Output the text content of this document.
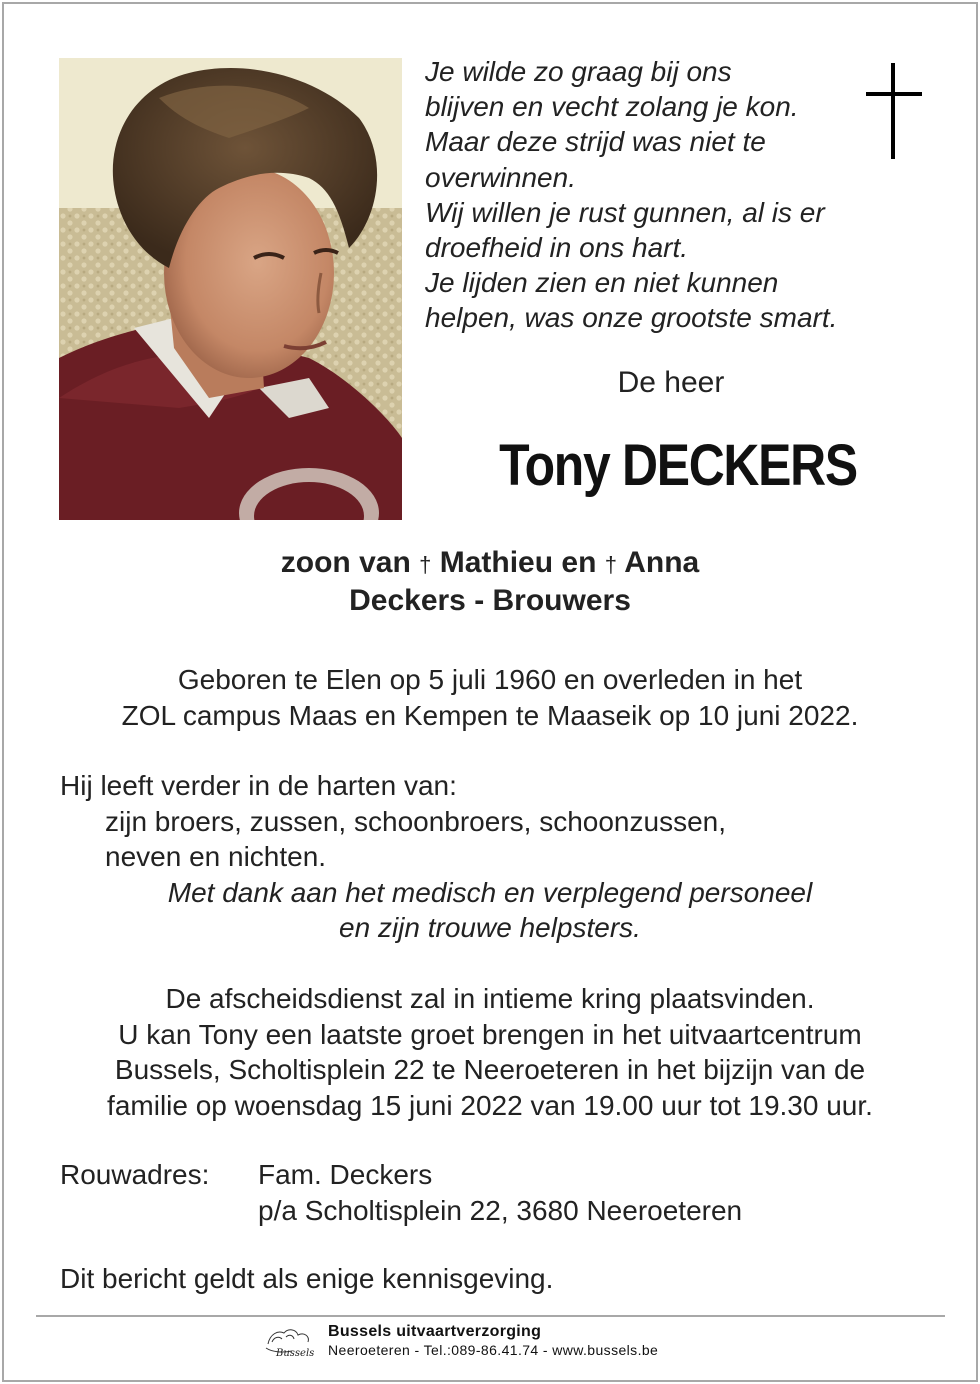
Je wilde zo graag bij ons
blijven en vecht zolang je kon.
Maar deze strijd was niet te
overwinnen.
Wij willen je rust gunnen, al is er
droefheid in ons hart.
Je lijden zien en niet kunnen
helpen, was onze grootste smart.
De heer
Tony DECKERS
zoon van † Mathieu en † Anna
Deckers - Brouwers
Geboren te Elen op 5 juli 1960 en overleden in het
ZOL campus Maas en Kempen te Maaseik op 10 juni 2022.
Hij leeft verder in de harten van:
zijn broers, zussen, schoonbroers, schoonzussen,
neven en nichten.
Met dank aan het medisch en verplegend personeel
en zijn trouwe helpsters.
De afscheidsdienst zal in intieme kring plaatsvinden.
U kan Tony een laatste groet brengen in het uitvaartcentrum
Bussels, Scholtisplein 22 te Neeroeteren in het bijzijn van de
familie op woensdag 15 juni 2022 van 19.00 uur tot 19.30 uur.
Rouwadres: Fam. Deckers
p/a Scholtisplein 22, 3680 Neeroeteren
Dit bericht geldt als enige kennisgeving.
Bussels
Bussels uitvaartverzorging
Neeroeteren - Tel.:089-86.41.74 - www.bussels.be
